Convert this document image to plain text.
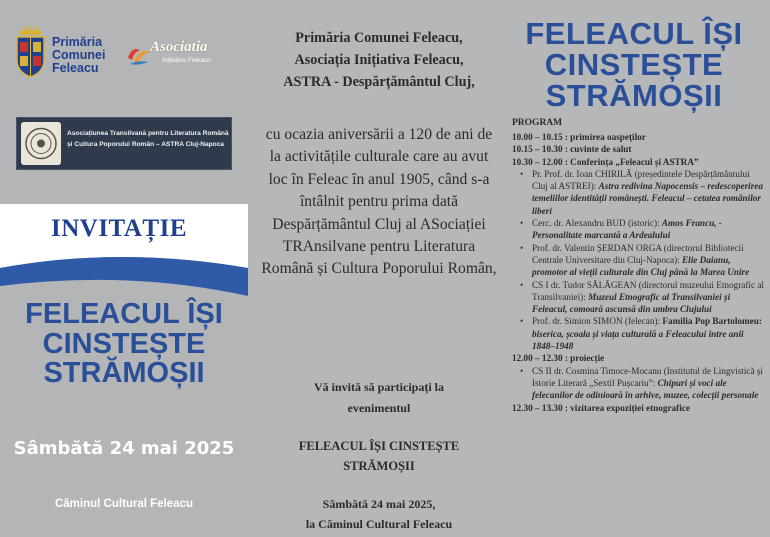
Primăria
Comunei
Feleacu
Asociatia
Inițiativa Feleacu
Asociațiunea Transilvană pentru Literatura Română și Cultura Poporului Român – ASTRA Cluj-Napoca
INVITAȚIE
FELEACUL ÎȘI
CINSTEȘTE
STRĂMOȘII
Sâmbătă 24 mai 2025
Căminul Cultural Feleacu
Primăria Comunei Feleacu,
Asociația Inițiativa Feleacu,
ASTRA - Despărțământul Cluj,
cu ocazia aniversării a 120 de ani de la activitățile culturale care au avut loc în Feleac în anul 1905, când s-a întâlnit pentru prima dată Despărțământul Cluj al ASociației TRAnsilvane pentru Literatura Română și Cultura Poporului Român,
Vă invită să participați la
evenimentul
FELEACUL ÎȘI CINSTEȘTE
STRĂMOȘII
Sâmbătă 24 mai 2025,
la Căminul Cultural Feleacu
FELEACUL ÎȘI
CINSTEȘTE
STRĂMOȘII
PROGRAM
10.00 – 10.15 : primirea oaspeților
10.15 – 10.30 : cuvinte de salut
10.30 – 12.00 : Conferința „Feleacul și ASTRA”
• Pr. Prof. dr. Ioan CHIRILĂ (președintele Despărțământului Cluj al ASTREI): Astra redivina Napocensis – redescoperirea temeliilor identității românești. Feleacul – cetatea românilor liberi
• Cerc. dr. Alexandru BUD (istoric): Amos Francu, - Personalitate marcantă a Ardealului
• Prof. dr. Valentin ȘERDAN ORGA (directorul Bibliotecii Centrale Universitare din Cluj-Napoca): Elie Daianu, promotor al vieții culturale din Cluj până la Marea Unire
• CS I dr. Tudor SĂLĂGEAN (directorul muzeului Etnografic al Transilvaniei): Muzeul Etnografic al Transilvaniei și Feleacul, comoară ascunsă din umbra Clujului
• Prof. dr. Simion SIMON (felecan): Familia Pop Bartolomeu: biserica, școala și viața culturală a Feleacului între anii 1848–1948
12.00 – 12.30 : proiecție
• CS II dr. Cosmina Timoce-Mocanu (Institutul de Lingvistică și Istorie Literară „Sextil Pușcariu”: Chipuri și voci ale felecanilor de odinioară în arhive, muzee, colecții personale
12.30 – 13.30 : vizitarea expoziției etnografice
